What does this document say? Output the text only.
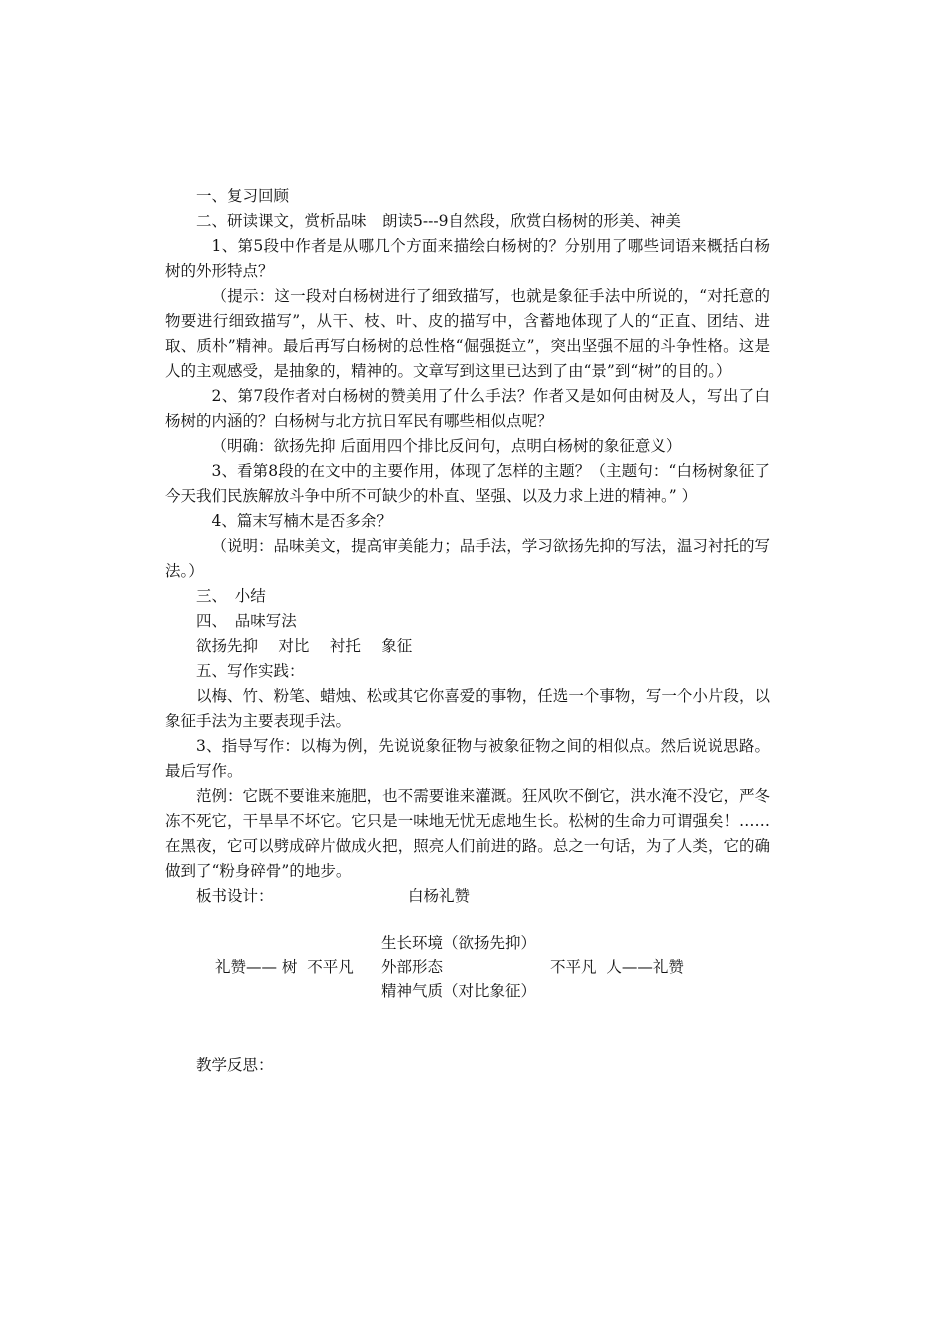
一、复习回顾

二、研读课文，赏析品味　朗读5---9自然段，欣赏白杨树的形美、神美

1、第5段中作者是从哪几个方面来描绘白杨树的？分别用了哪些词语来概括白杨树的外形特点？

（提示：这一段对白杨树进行了细致描写，也就是象征手法中所说的，“对托意的物要进行细致描写”，从干、枝、叶、皮的描写中，含蓄地体现了人的“正直、团结、进取、质朴”精神。最后再写白杨树的总性格“倔强挺立”，突出坚强不屈的斗争性格。这是人的主观感受，是抽象的，精神的。文章写到这里已达到了由“景”到“树”的目的。）

2、第7段作者对白杨树的赞美用了什么手法？作者又是如何由树及人，写出了白杨树的内涵的？白杨树与北方抗日军民有哪些相似点呢？

（明确：欲扬先抑 后面用四个排比反问句，点明白杨树的象征意义）

3、看第8段的在文中的主要作用，体现了怎样的主题？（主题句：“白杨树象征了今天我们民族解放斗争中所不可缺少的朴直、坚强、以及力求上进的精神。” ）

4、篇末写楠木是否多余？

（说明：品味美文，提高审美能力；品手法，学习欲扬先抑的写法，温习衬托的写法。）

三、　小结

四、　品味写法

欲扬先抑　 对比　 衬托　 象征

五、写作实践：

以梅、竹、粉笔、蜡烛、松或其它你喜爱的事物，任选一个事物，写一个小片段，以象征手法为主要表现手法。

3、指导写作：以梅为例，先说说象征物与被象征物之间的相似点。然后说说思路。最后写作。

范例：它既不要谁来施肥，也不需要谁来灌溉。狂风吹不倒它，洪水淹不没它，严冬冻不死它，干旱旱不坏它。它只是一味地无忧无虑地生长。松树的生命力可谓强矣！……在黑夜，它可以劈成碎片做成火把，照亮人们前进的路。总之一句话，为了人类，它的确做到了“粉身碎骨”的地步。

板书设计：	白杨礼赞
生长环境（欲扬先抑）
礼赞—— 树  不平凡 外部形态	不平凡  人——礼赞
精神气质（对比象征）

教学反思：
